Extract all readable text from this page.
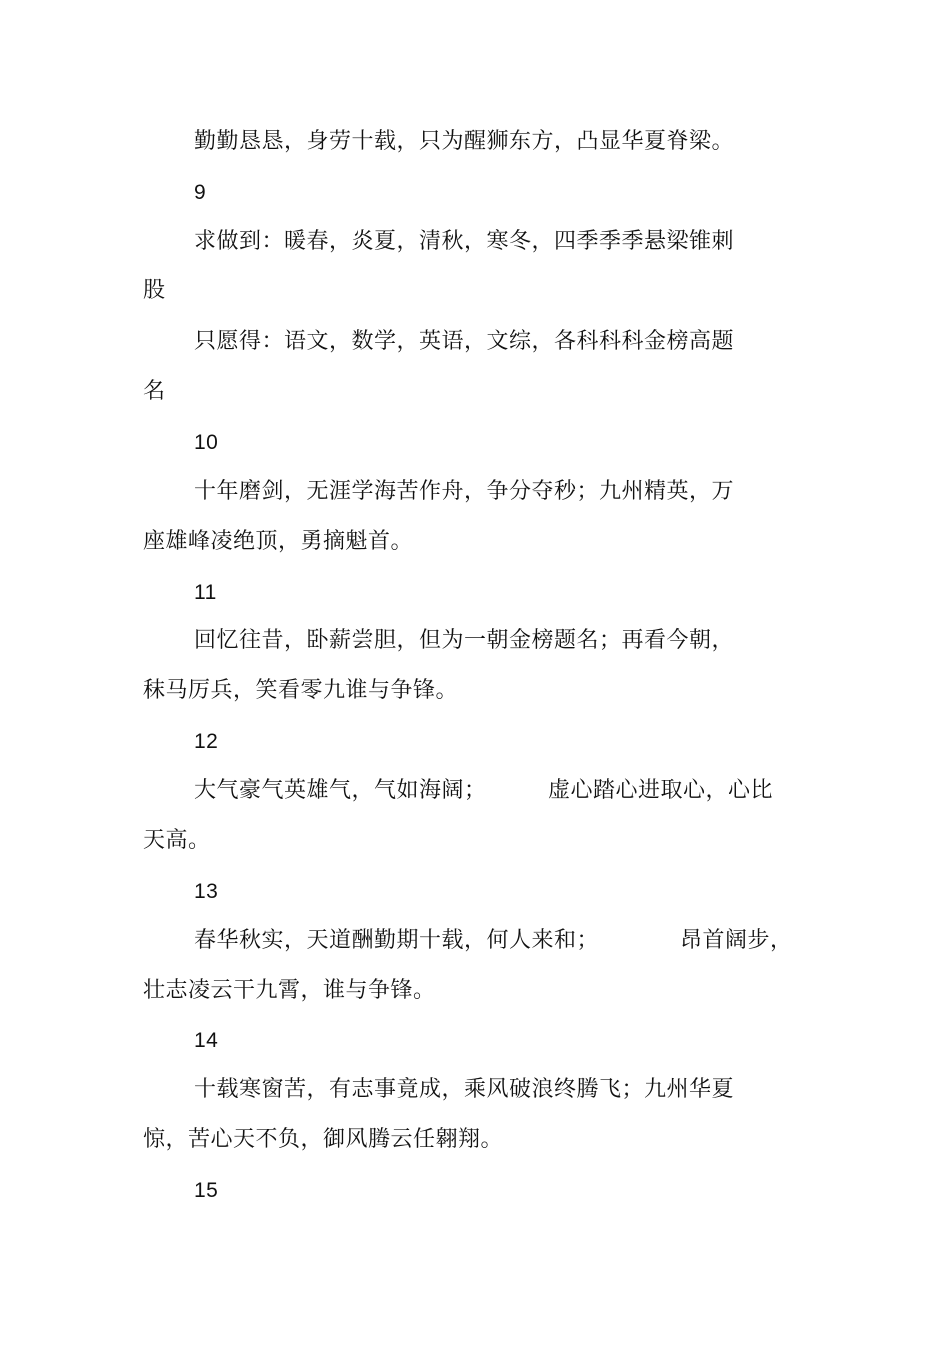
勤勤恳恳，身劳十载，只为醒狮东方，凸显华夏脊梁。
9
求做到：暖春，炎夏，清秋，寒冬，四季季季悬梁锥刺
股
只愿得：语文，数学，英语，文综，各科科科金榜高题
名
10
十年磨剑，无涯学海苦作舟，争分夺秒；九州精英，万
座雄峰凌绝顶，勇摘魁首。
11
回忆往昔，卧薪尝胆，但为一朝金榜题名；再看今朝，
秣马厉兵，笑看零九谁与争锋。
12
大气豪气英雄气，气如海阔；	虚心踏心进取心，心比
天高。
13
春华秋实，天道酬勤期十载，何人来和；	昂首阔步，
壮志凌云干九霄，谁与争锋。
14
十载寒窗苦，有志事竟成，乘风破浪终腾飞；九州华夏
惊，苦心天不负，御风腾云任翱翔。
15
